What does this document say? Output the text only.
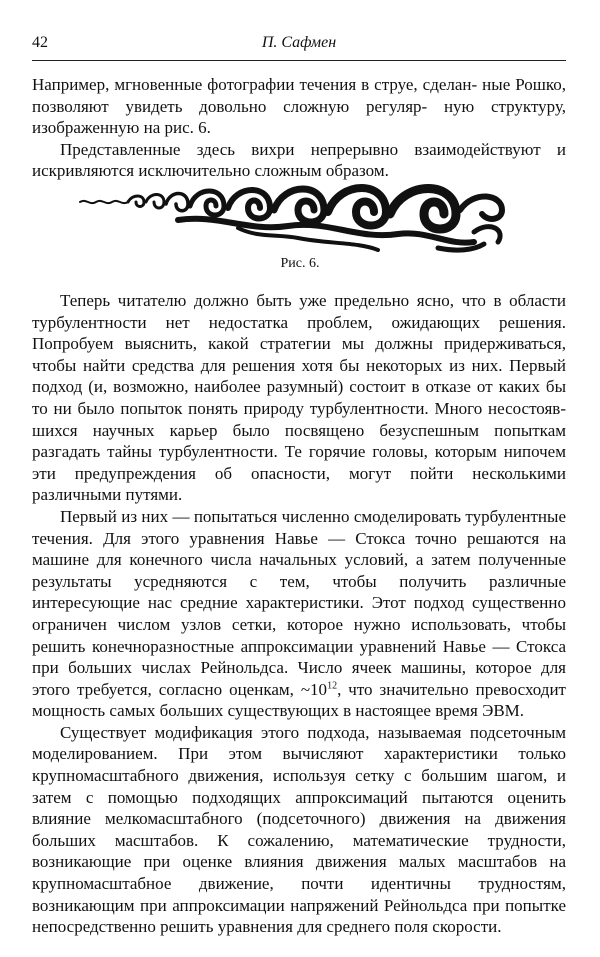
42	П. Сафмен

Например, мгновенные фотографии течения в струе, сделан- ные Рошко, позволяют увидеть довольно сложную регуляр- ную структуру, изображенную на рис. 6.

Представленные здесь вихри непрерывно взаимодействуют и искривляются исключительно сложным образом.

Рис. 6.

Теперь читателю должно быть уже предельно ясно, что в области турбулентности нет недостатка проблем, ожидающих решения. Попробуем выяснить, какой стратегии мы должны придерживаться, чтобы найти средства для решения хотя бы некоторых из них. Первый подход (и, возможно, наиболее разумный) состоит в отказе от каких бы то ни было попыток понять природу турбулентности. Много несостоявшихся научных карьер было посвящено безуспешным попыткам разгадать тайны турбулентности. Те горячие головы, которым нипочем эти предупреждения об опасности, могут пойти несколькими различными путями.

Первый из них — попытаться численно смоделировать турбулентные течения. Для этого уравнения Навье — Стокса точно решаются на машине для конечного числа начальных условий, а затем полученные результаты усредняются с тем, чтобы получить различные интересующие нас средние характеристики. Этот подход существенно ограничен числом узлов сетки, которое нужно использовать, чтобы решить конечноразностные аппроксимации уравнений Навье — Стокса при больших числах Рейнольдса. Число ячеек машины, которое для этого требуется, согласно оценкам, $\sim 10^{12}$, что значительно превосходит мощность самых больших существующих в настоящее время ЭВМ.

Существует модификация этого подхода, называемая подсеточным моделированием. При этом вычисляют характеристики только крупномасштабного движения, используя сетку с большим шагом, и затем с помощью подходящих аппроксимаций пытаются оценить влияние мелкомасштабного (подсеточного) движения на движения больших масштабов. К сожалению, математические трудности, возникающие при оценке влияния движения малых масштабов на крупномасштабное движение, почти идентичны трудностям, возникающим при аппроксимации напряжений Рейнольдса при попытке непосредственно решить уравнения для среднего поля скорости.
